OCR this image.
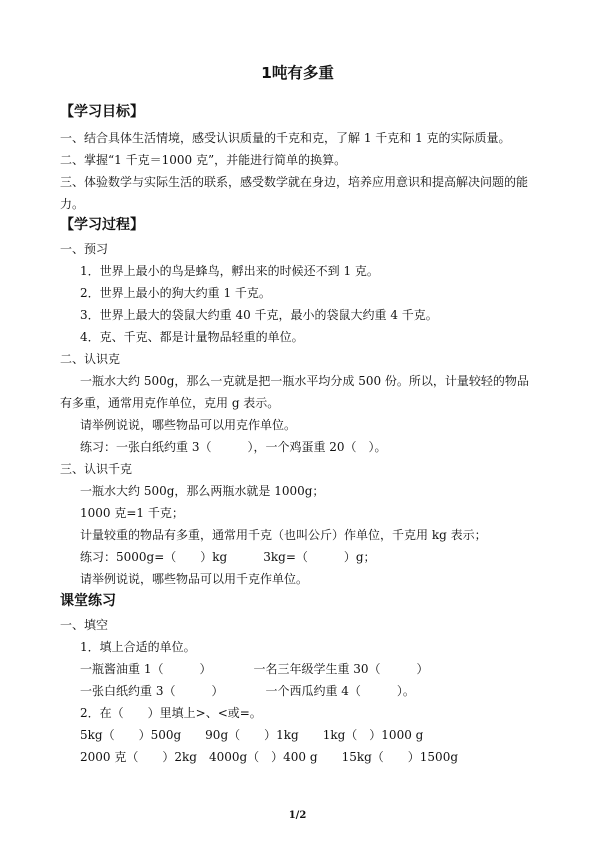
1吨有多重
【学习目标】
一、结合具体生活情境，感受认识质量的千克和克，了解 1 千克和 1 克的实际质量。
二、掌握“1 千克＝1000 克”，并能进行简单的换算。
三、体验数学与实际生活的联系，感受数学就在身边，培养应用意识和提高解决问题的能力。
【学习过程】
一、预习
1．世界上最小的鸟是蜂鸟，孵出来的时候还不到 1 克。
2．世界上最小的狗大约重 1 千克。
3．世界上最大的袋鼠大约重 40 千克，最小的袋鼠大约重 4 千克。
4．克、千克、都是计量物品轻重的单位。
二、认识克
一瓶水大约 500g，那么一克就是把一瓶水平均分成 500 份。所以，计量较轻的物品有多重，通常用克作单位，克用 g 表示。
请举例说说，哪些物品可以用克作单位。
练习：一张白纸约重 3（　　　），一个鸡蛋重 20（　）。
三、认识千克
一瓶水大约 500g，那么两瓶水就是 1000g；
1000 克=1 千克；
计量较重的物品有多重，通常用千克（也叫公斤）作单位，千克用 kg 表示；
练习：5000g=（　　）kg　　　3kg=（　　　）g；
请举例说说，哪些物品可以用千克作单位。
课堂练习
一、填空
1．填上合适的单位。
一瓶酱油重 1（　　　）　　　　一名三年级学生重 30（　　　）
一张白纸约重 3（　　　）　　　　一个西瓜约重 4（　　　）。
2．在（　　）里填上>、<或=。
5kg（　　）500g　　90g（　　）1kg　　1kg（　）1000 g
2000 克（　　）2kg　4000g（　）400 g　　15kg（　　）1500g
1/2
